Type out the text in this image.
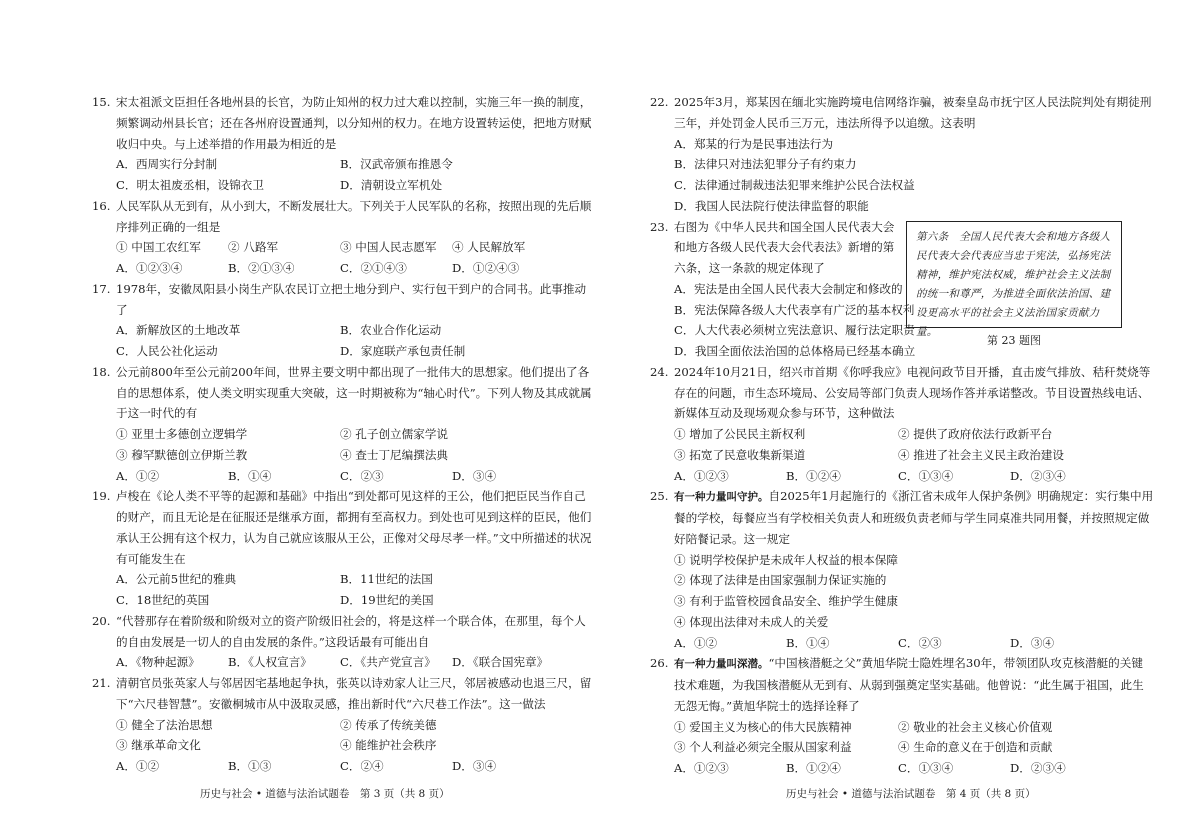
15. 宋太祖派文臣担任各地州县的长官，为防止知州的权力过大难以控制，实施三年一换的制度，频繁调动州县长官；还在各州府设置通判，以分知州的权力。在地方设置转运使，把地方财赋收归中央。与上述举措的作用最为相近的是
A．西周实行分封制	B．汉武帝颁布推恩令
C．明太祖废丞相，设锦衣卫	D．清朝设立军机处
16. 人民军队从无到有，从小到大，不断发展壮大。下列关于人民军队的名称，按照出现的先后顺序排列正确的一组是
① 中国工农红军	② 八路军	③ 中国人民志愿军	④ 人民解放军
A．①②③④	B．②①③④	C．②①④③	D．①②④③
17. 1978年，安徽凤阳县小岗生产队农民订立把土地分到户、实行包干到户的合同书。此事推动了
A．新解放区的土地改革	B．农业合作化运动
C．人民公社化运动	D．家庭联产承包责任制
18. 公元前800年至公元前200年间，世界主要文明中都出现了一批伟大的思想家。他们提出了各自的思想体系，使人类文明实现重大突破，这一时期被称为“轴心时代”。下列人物及其成就属于这一时代的有
① 亚里士多德创立逻辑学	② 孔子创立儒家学说
③ 穆罕默德创立伊斯兰教	④ 查士丁尼编撰法典
A．①②	B．①④	C．②③	D．③④
19. 卢梭在《论人类不平等的起源和基础》中指出“到处都可见这样的王公，他们把臣民当作自己的财产，而且无论是在征服还是继承方面，都拥有至高权力。到处也可见到这样的臣民，他们承认王公拥有这个权力，认为自己就应该服从王公，正像对父母尽孝一样。”文中所描述的状况有可能发生在
A．公元前5世纪的雅典	B．11世纪的法国
C．18世纪的英国	D．19世纪的美国
20. “代替那存在着阶级和阶级对立的资产阶级旧社会的，将是这样一个联合体，在那里，每个人的自由发展是一切人的自由发展的条件。”这段话最有可能出自
A．《物种起源》	B．《人权宣言》	C．《共产党宣言》	D．《联合国宪章》
21. 清朝官员张英家人与邻居因宅基地起争执，张英以诗劝家人让三尺，邻居被感动也退三尺，留下“六尺巷智慧”。安徽桐城市从中汲取灵感，推出新时代“六尺巷工作法”。这一做法
① 健全了法治思想	② 传承了传统美德
③ 继承革命文化	④ 能维护社会秩序
A．①②	B．①③	C．②④	D．③④
历史与社会 • 道德与法治试题卷　第 3 页（共 8 页）
22. 2025年3月，郑某因在缅北实施跨境电信网络诈骗，被秦皇岛市抚宁区人民法院判处有期徒刑三年，并处罚金人民币三万元，违法所得予以追缴。这表明
A．郑某的行为是民事违法行为
B．法律只对违法犯罪分子有约束力
C．法律通过制裁违法犯罪来维护公民合法权益
D．我国人民法院行使法律监督的职能
23. 右图为《中华人民共和国全国人民代表大会和地方各级人民代表大会代表法》新增的第六条，这一条款的规定体现了
A．宪法是由全国人民代表大会制定和修改的
B．宪法保障各级人大代表享有广泛的基本权利
C．人大代表必须树立宪法意识、履行法定职责
D．我国全面依法治国的总体格局已经基本确立
第六条　全国人民代表大会和地方各级人民代表大会代表应当忠于宪法，弘扬宪法精神，维护宪法权威，维护社会主义法制的统一和尊严，为推进全面依法治国、建设更高水平的社会主义法治国家贡献力量。
第 23 题图
24. 2024年10月21日，绍兴市首期《你呼我应》电视问政节目开播，直击废气排放、秸秆焚烧等存在的问题，市生态环境局、公安局等部门负责人现场作答并承诺整改。节目设置热线电话、新媒体互动及现场观众参与环节，这种做法
① 增加了公民民主新权利	② 提供了政府依法行政新平台
③ 拓宽了民意收集新渠道	④ 推进了社会主义民主政治建设
A．①②③	B．①②④	C．①③④	D．②③④
25. 有一种力量叫守护。自2025年1月起施行的《浙江省未成年人保护条例》明确规定：实行集中用餐的学校，每餐应当有学校相关负责人和班级负责老师与学生同桌准共同用餐，并按照规定做好陪餐记录。这一规定
① 说明学校保护是未成年人权益的根本保障
② 体现了法律是由国家强制力保证实施的
③ 有利于监管校园食品安全、维护学生健康
④ 体现出法律对未成人的关爱
A．①②	B．①④	C．②③	D．③④
26. 有一种力量叫深潜。“中国核潜艇之父”黄旭华院士隐姓埋名30年，带领团队攻克核潜艇的关键技术难题，为我国核潜艇从无到有、从弱到强奠定坚实基础。他曾说：“此生属于祖国，此生无怨无悔。”黄旭华院士的选择诠释了
① 爱国主义为核心的伟大民族精神	② 敬业的社会主义核心价值观
③ 个人利益必须完全服从国家利益	④ 生命的意义在于创造和贡献
A．①②③	B．①②④	C．①③④	D．②③④
历史与社会 • 道德与法治试题卷　第 4 页（共 8 页）
